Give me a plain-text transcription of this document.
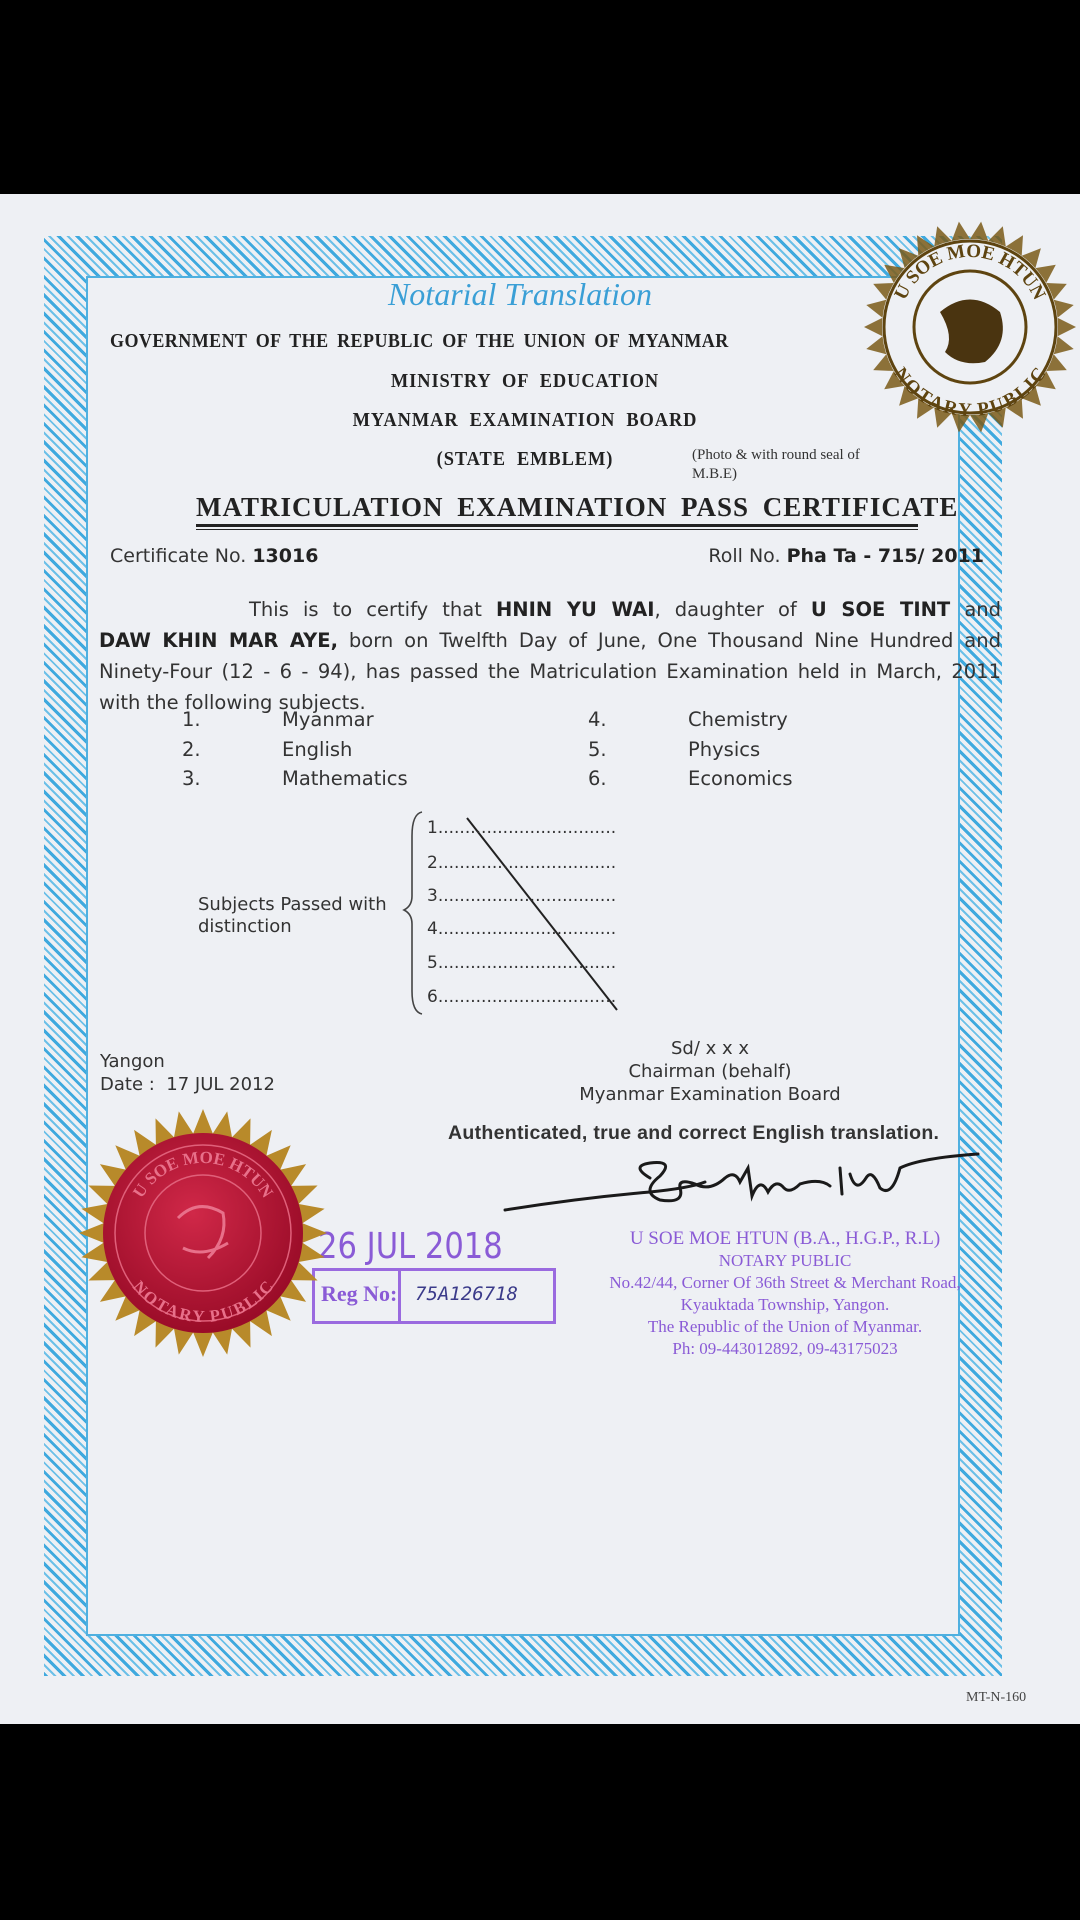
Notarial Translation
GOVERNMENT OF THE REPUBLIC OF THE UNION OF MYANMAR
MINISTRY OF EDUCATION
MYANMAR EXAMINATION BOARD
(STATE EMBLEM)	(Photo & with round seal of
M.B.E)
MATRICULATION EXAMINATION PASS CERTIFICATE
Certificate No. 13016	Roll No. Pha Ta - 715/ 2011
This is to certify that HNIN YU WAI, daughter of U SOE TINT and
DAW KHIN MAR AYE, born on Twelfth Day of June, One Thousand Nine Hundred and
Ninety-Four (12 - 6 - 94), has passed the Matriculation Examination held in March, 2011
with the following subjects.
1.	Myanmar
2.	English
3.	Mathematics
4.	Chemistry
5.	Physics
6.	Economics
Subjects Passed with
distinction
1.................................
2.................................
3.................................
4.................................
5.................................
6.................................
Yangon
Date : 17 JUL 2012
Sd/ x x x
Chairman (behalf)
Myanmar Examination Board
Authenticated, true and correct English translation.
26 JUL 2018
Reg No: 75A126718
U SOE MOE HTUN (B.A., H.G.P., R.L)
NOTARY PUBLIC
No.42/44, Corner Of 36th Street & Merchant Road,
Kyauktada Township, Yangon.
The Republic of the Union of Myanmar.
Ph: 09-443012892, 09-43175023
U SOE MOE HTUN
NOTARY PUBLIC
U SOE MOE HTUN
NOTARY PUBLIC
MT-N-160
